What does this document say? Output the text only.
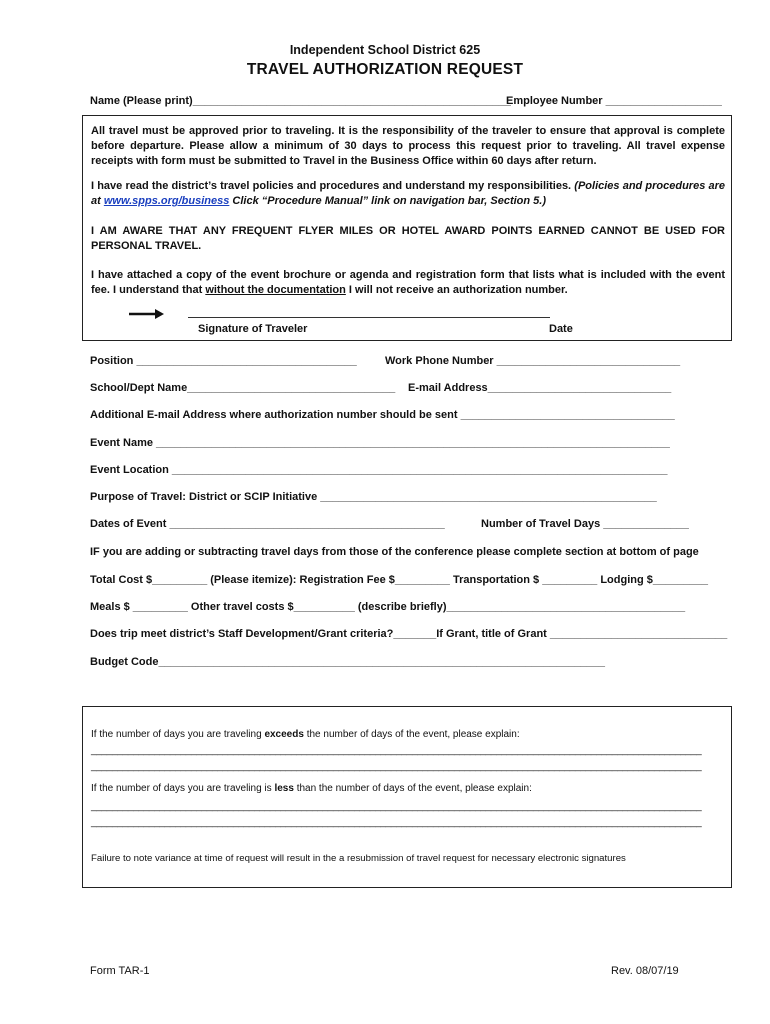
Independent School District 625
TRAVEL AUTHORIZATION REQUEST
Name (Please print)____________________________________________________
Employee Number ___________________
All travel must be approved prior to traveling. It is the responsibility of the traveler to ensure that approval is complete before departure. Please allow a minimum of 30 days to process this request prior to traveling. All travel expense receipts with form must be submitted to Travel in the Business Office within 60 days after return.
I have read the district’s travel policies and procedures and understand my responsibilities. (Policies and procedures are at www.spps.org/business Click “Procedure Manual” link on navigation bar, Section 5.)
I AM AWARE THAT ANY FREQUENT FLYER MILES OR HOTEL AWARD POINTS EARNED CANNOT BE USED FOR PERSONAL TRAVEL.
I have attached a copy of the event brochure or agenda and registration form that lists what is included with the event fee. I understand that without the documentation I will not receive an authorization number.
Signature of Traveler	Date
Position ____________________________________	Work Phone Number ______________________________
School/Dept Name__________________________________ E-mail Address______________________________
Additional E-mail Address where authorization number should be sent ___________________________________
Event Name ____________________________________________________________________________________
Event Location _________________________________________________________________________________
Purpose of Travel: District or SCIP Initiative _______________________________________________________
Dates of Event _____________________________________________	Number of Travel Days ______________
IF you are adding or subtracting travel days from those of the conference please complete section at bottom of page
Total Cost $_________ (Please itemize): Registration Fee $_________ Transportation $ _________ Lodging $_________
Meals $ _________ Other travel costs $__________ (describe briefly)_______________________________________
Does trip meet district’s Staff Development/Grant criteria?_______If Grant, title of Grant _____________________________
Budget Code_________________________________________________________________________
If the number of days you are traveling exceeds the number of days of the event, please explain:
____________________________________________________________________________________________________________________
____________________________________________________________________________________________________________________
If the number of days you are traveling is less than the number of days of the event, please explain:
____________________________________________________________________________________________________________________
____________________________________________________________________________________________________________________
Failure to note variance at time of request will result in the a resubmission of travel request for necessary electronic signatures
Form TAR-1	Rev. 08/07/19
